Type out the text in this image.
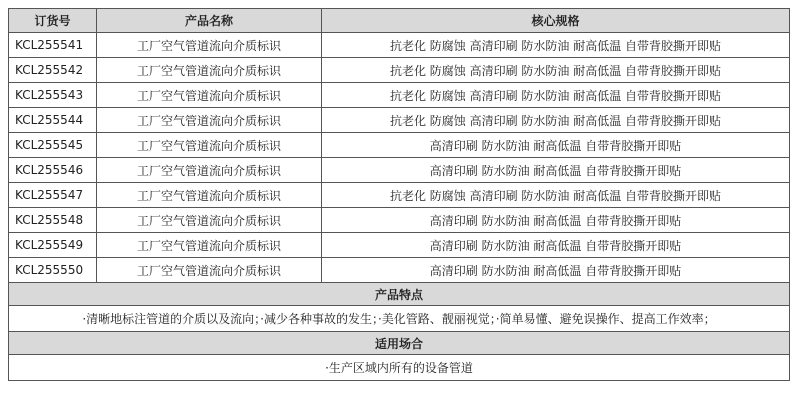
订货号	产品名称	核心规格
KCL255541	工厂空气管道流向介质标识	抗老化 防腐蚀 高清印刷 防水防油 耐高低温 自带背胶撕开即贴
KCL255542	工厂空气管道流向介质标识	抗老化 防腐蚀 高清印刷 防水防油 耐高低温 自带背胶撕开即贴
KCL255543	工厂空气管道流向介质标识	抗老化 防腐蚀 高清印刷 防水防油 耐高低温 自带背胶撕开即贴
KCL255544	工厂空气管道流向介质标识	抗老化 防腐蚀 高清印刷 防水防油 耐高低温 自带背胶撕开即贴
KCL255545	工厂空气管道流向介质标识	高清印刷 防水防油 耐高低温 自带背胶撕开即贴
KCL255546	工厂空气管道流向介质标识	高清印刷 防水防油 耐高低温 自带背胶撕开即贴
KCL255547	工厂空气管道流向介质标识	抗老化 防腐蚀 高清印刷 防水防油 耐高低温 自带背胶撕开即贴
KCL255548	工厂空气管道流向介质标识	高清印刷 防水防油 耐高低温 自带背胶撕开即贴
KCL255549	工厂空气管道流向介质标识	高清印刷 防水防油 耐高低温 自带背胶撕开即贴
KCL255550	工厂空气管道流向介质标识	高清印刷 防水防油 耐高低温 自带背胶撕开即贴
产品特点		
·清晰地标注管道的介质以及流向；·减少各种事故的发生；·美化管路、靓丽视觉；·简单易懂、避免误操作、提高工作效率；		
适用场合		
·生产区域内所有的设备管道		
